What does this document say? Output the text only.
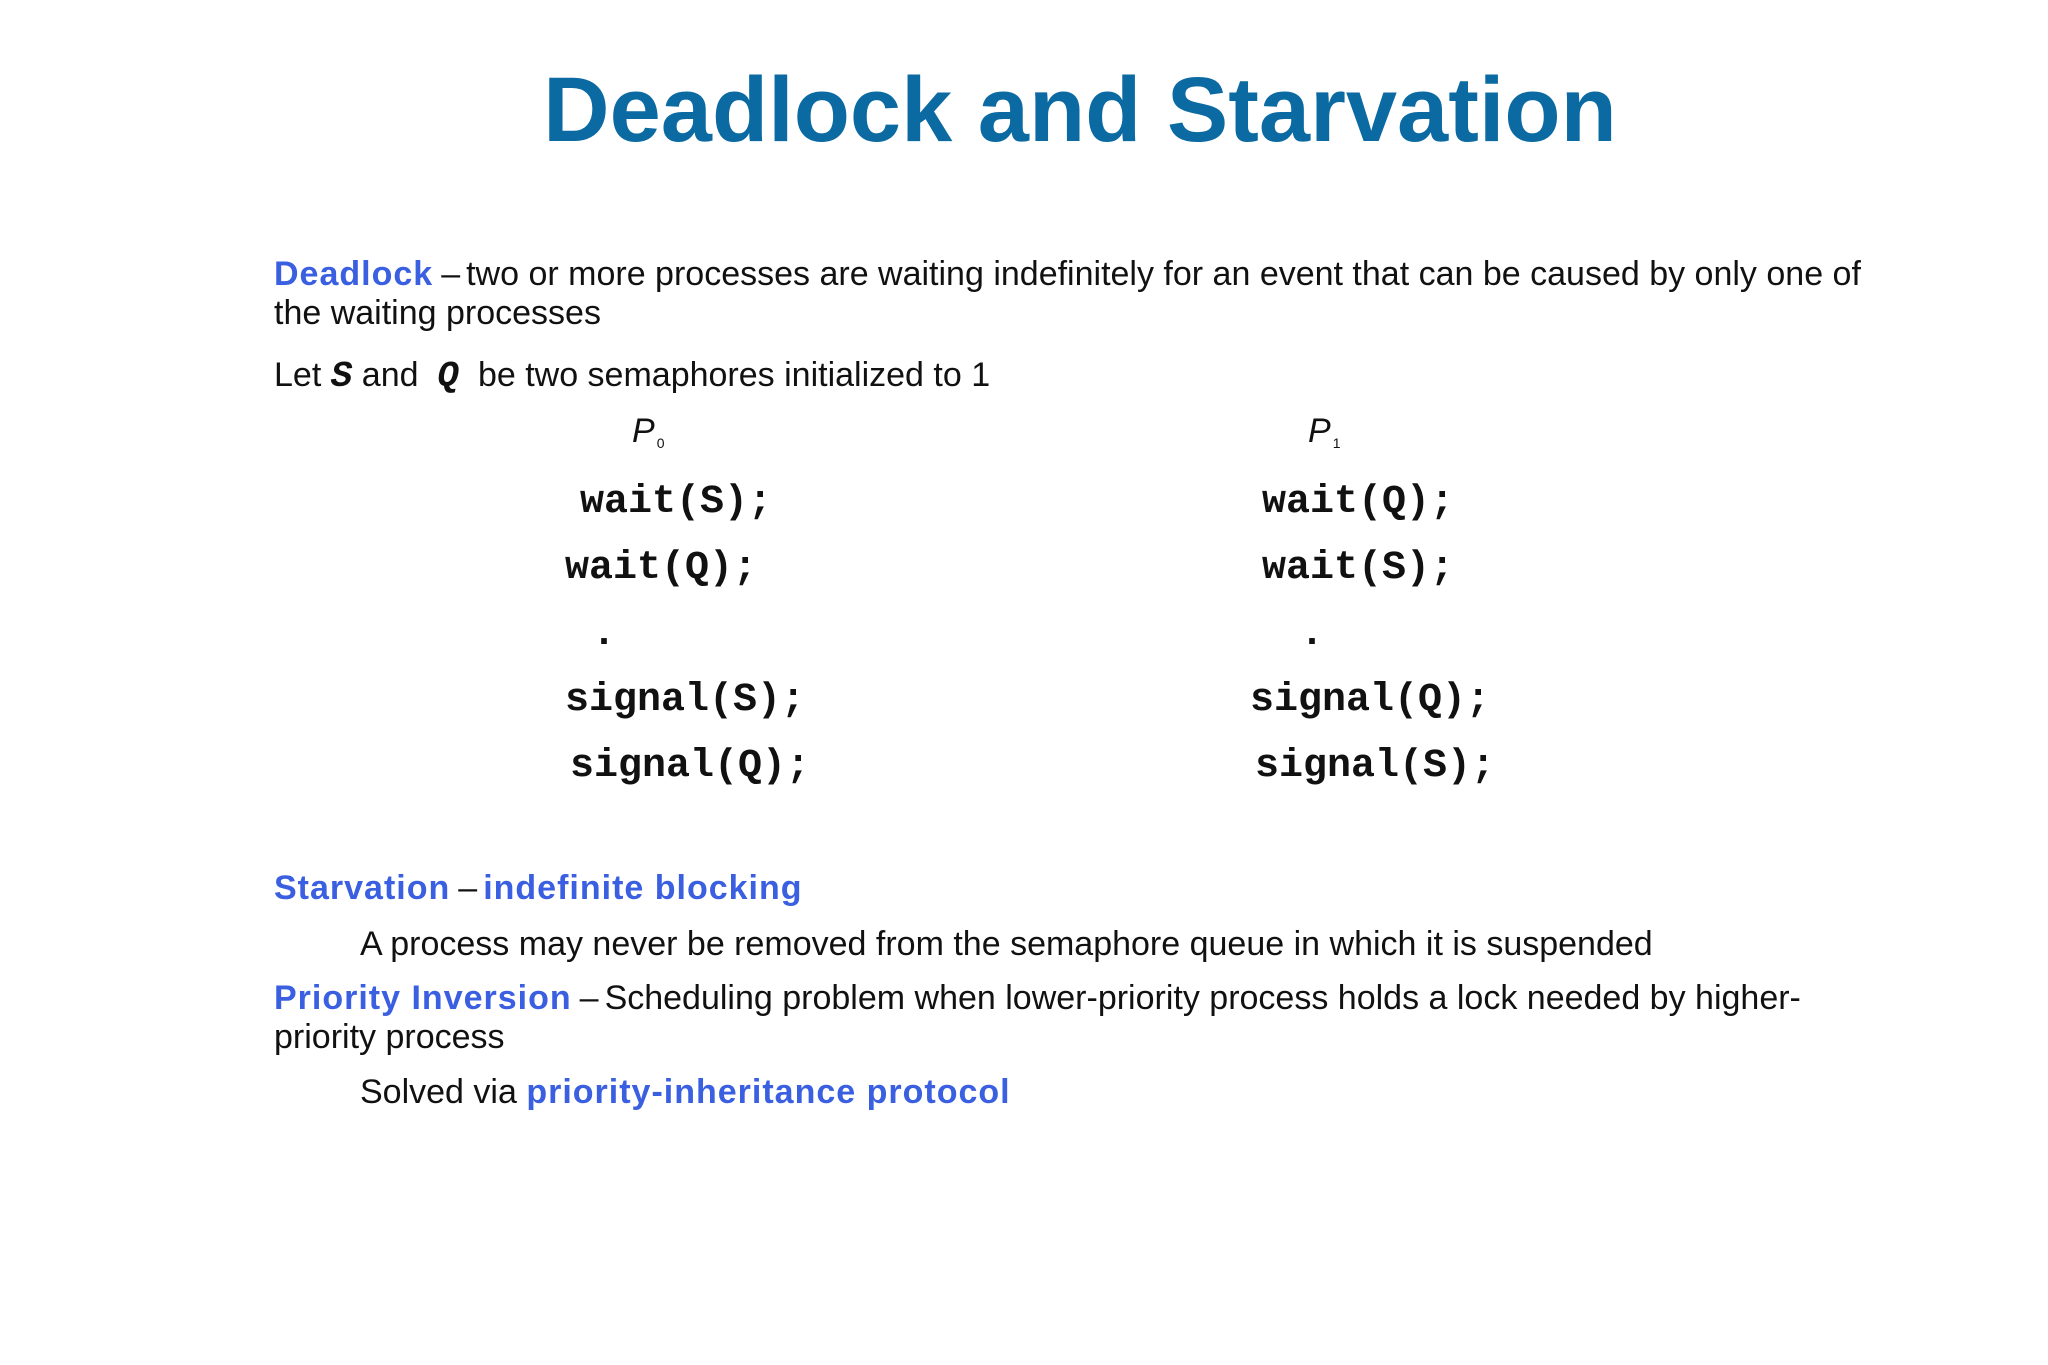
Deadlock and Starvation
Deadlock – two or more processes are waiting indefinitely for an event that can be caused by only one of the waiting processes
Let S and Q be two semaphores initialized to 1
P $_0$
wait(S);
wait(Q);
.
signal(S);
signal(Q);
P $_1$
wait(Q);
wait(S);
.
signal(Q);
signal(S);
Starvation – indefinite blocking
A process may never be removed from the semaphore queue in which it is suspended
Priority Inversion – Scheduling problem when lower-priority process holds a lock needed by higher-priority process
Solved via priority-inheritance protocol
